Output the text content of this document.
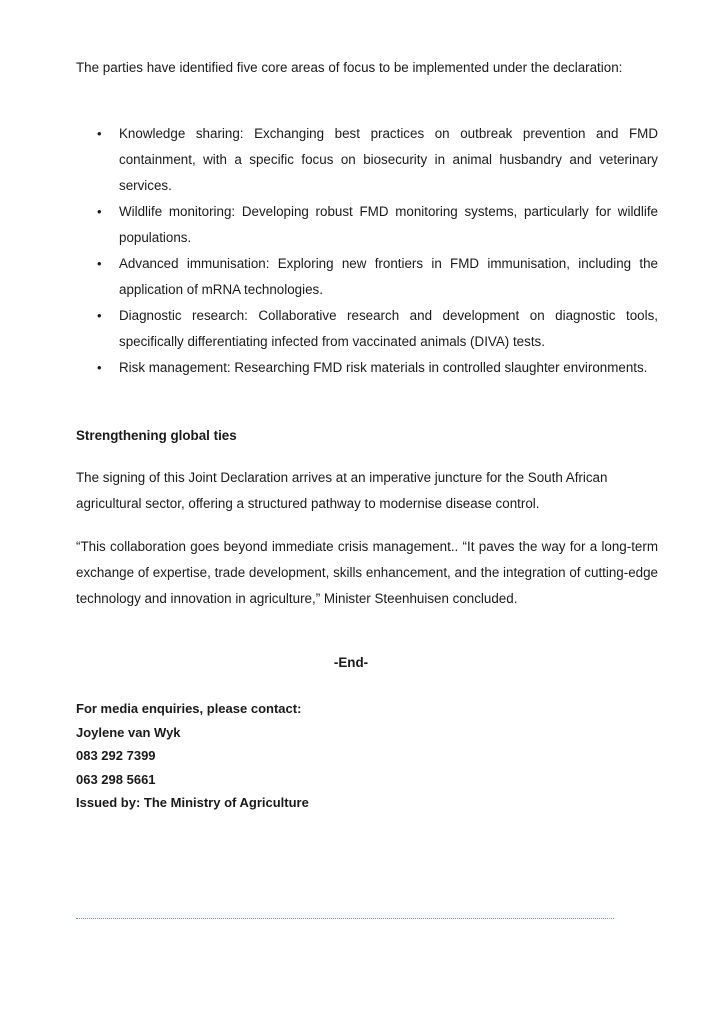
The parties have identified five core areas of focus to be implemented under the declaration:

• Knowledge sharing: Exchanging best practices on outbreak prevention and FMD containment, with a specific focus on biosecurity in animal husbandry and veterinary services.
• Wildlife monitoring: Developing robust FMD monitoring systems, particularly for wildlife populations.
• Advanced immunisation: Exploring new frontiers in FMD immunisation, including the application of mRNA technologies.
• Diagnostic research: Collaborative research and development on diagnostic tools, specifically differentiating infected from vaccinated animals (DIVA) tests.
• Risk management: Researching FMD risk materials in controlled slaughter environments.
Strengthening global ties

The signing of this Joint Declaration arrives at an imperative juncture for the South African agricultural sector, offering a structured pathway to modernise disease control.

“This collaboration goes beyond immediate crisis management.. “It paves the way for a long-term exchange of expertise, trade development, skills enhancement, and the integration of cutting-edge technology and innovation in agriculture,” Minister Steenhuisen concluded.

-End-

For media enquiries, please contact:

Joylene van Wyk

083 292 7399

063 298 5661

Issued by: The Ministry of Agriculture
